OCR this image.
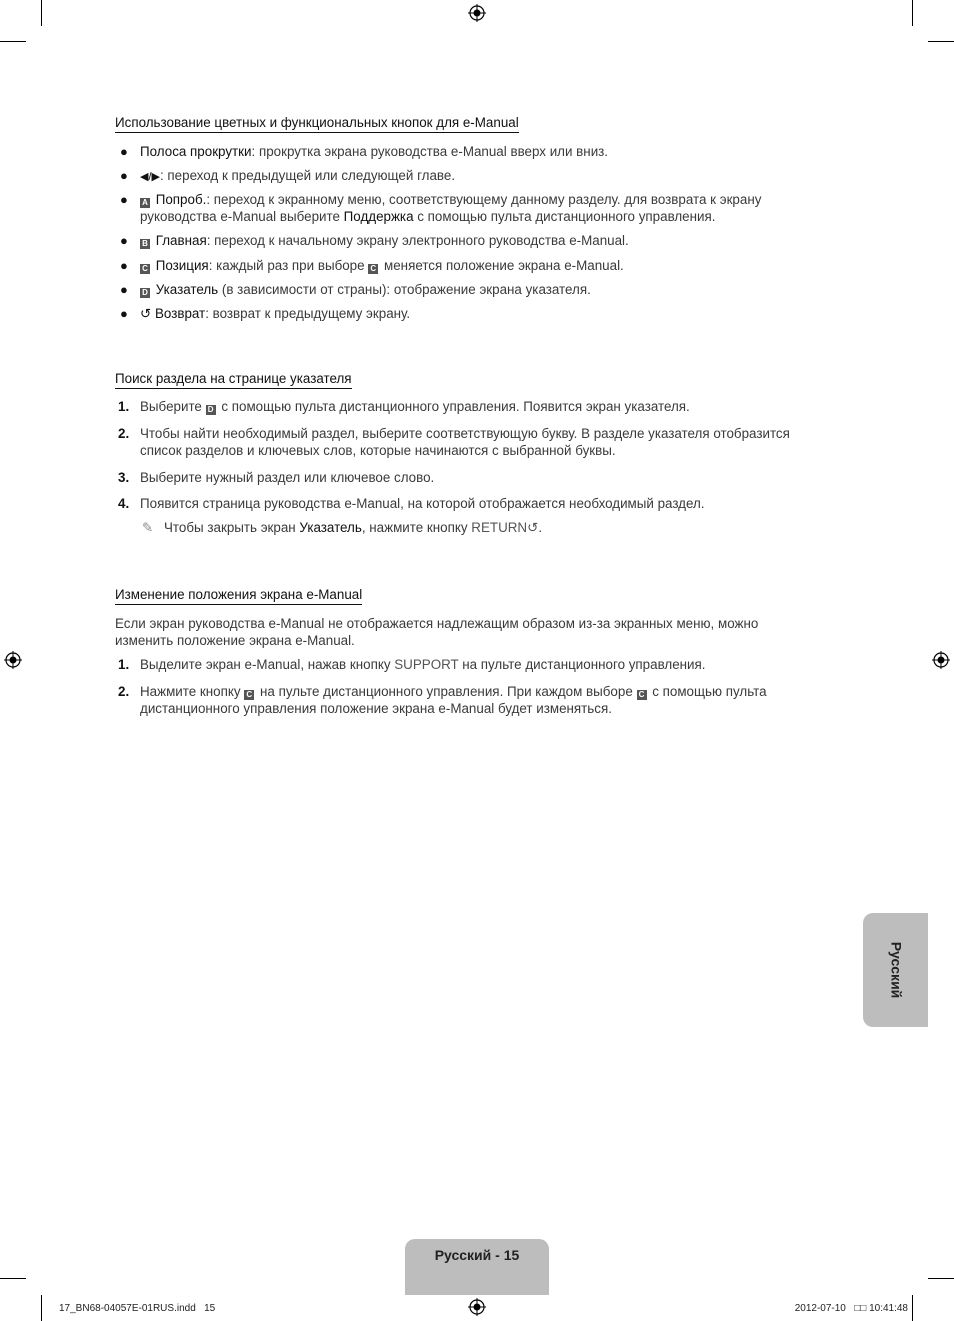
Использование цветных и функциональных кнопок для e-Manual
● Полоса прокрутки: прокрутка экрана руководства e-Manual вверх или вниз.
● ◀/▶: переход к предыдущей или следующей главе.
● A Попроб.: переход к экранному меню, соответствующему данному разделу. для возврата к экрану руководства e-Manual выберите Поддержка с помощью пульта дистанционного управления.
● B Главная: переход к начальному экрану электронного руководства e-Manual.
● C Позиция: каждый раз при выборе C меняется положение экрана e-Manual.
● D Указатель (в зависимости от страны): отображение экрана указателя.
● ↺ Возврат: возврат к предыдущему экрану.
Поиск раздела на странице указателя
1. Выберите D с помощью пульта дистанционного управления. Появится экран указателя.
2. Чтобы найти необходимый раздел, выберите соответствующую букву. В разделе указателя отобразится список разделов и ключевых слов, которые начинаются с выбранной буквы.
3. Выберите нужный раздел или ключевое слово.
4. Появится страница руководства e-Manual, на которой отображается необходимый раздел.
✎ Чтобы закрыть экран Указатель, нажмите кнопку RETURN↺.
Изменение положения экрана e-Manual
Если экран руководства e-Manual не отображается надлежащим образом из-за экранных меню, можно изменить положение экрана e-Manual.
1. Выделите экран e-Manual, нажав кнопку SUPPORT на пульте дистанционного управления.
2. Нажмите кнопку C на пульте дистанционного управления. При каждом выборе C с помощью пульта дистанционного управления положение экрана e-Manual будет изменяться.
Русский
Русский - 15
17_BN68-04057E-01RUS.indd   15	2012-07-10   □□ 10:41:48
